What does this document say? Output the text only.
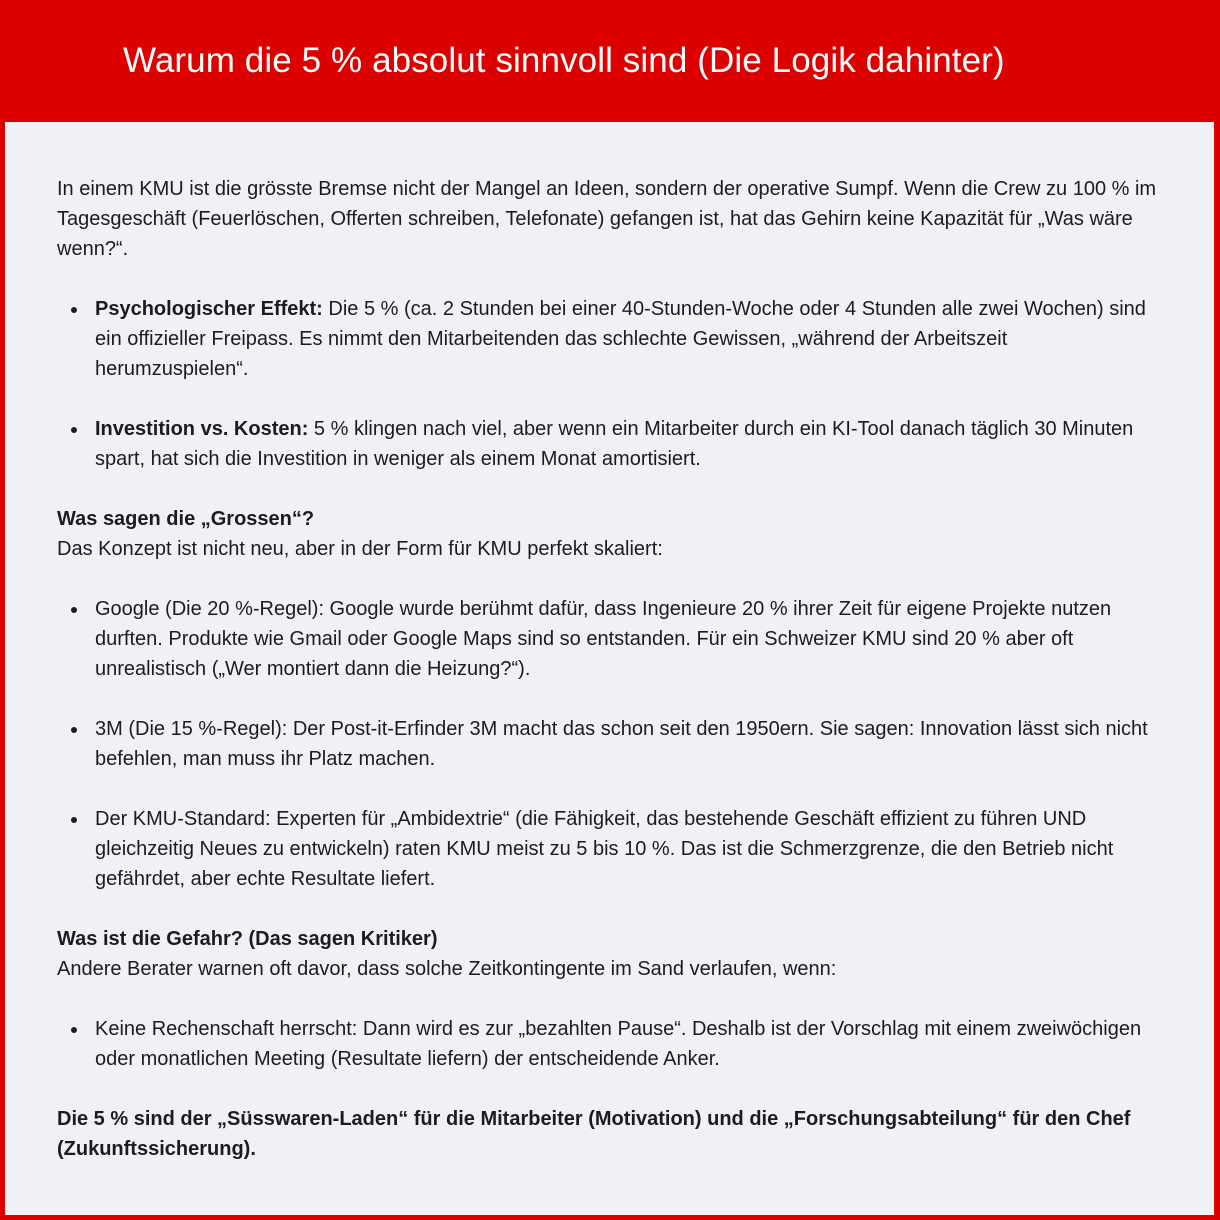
Warum die 5 % absolut sinnvoll sind (Die Logik dahinter)

In einem KMU ist die grösste Bremse nicht der Mangel an Ideen, sondern der operative Sumpf. Wenn die Crew zu 100 % im Tagesgeschäft (Feuerlöschen, Offerten schreiben, Telefonate) gefangen ist, hat das Gehirn keine Kapazität für „Was wäre wenn?“.

Psychologischer Effekt: Die 5 % (ca. 2 Stunden bei einer 40-Stunden-Woche oder 4 Stunden alle zwei Wochen) sind ein offizieller Freipass. Es nimmt den Mitarbeitenden das schlechte Gewissen, „während der Arbeitszeit herumzuspielen“.
Investition vs. Kosten: 5 % klingen nach viel, aber wenn ein Mitarbeiter durch ein KI-Tool danach täglich 30 Minuten spart, hat sich die Investition in weniger als einem Monat amortisiert.
Was sagen die „Grossen“?
Das Konzept ist nicht neu, aber in der Form für KMU perfekt skaliert:
Google (Die 20 %-Regel): Google wurde berühmt dafür, dass Ingenieure 20 % ihrer Zeit für eigene Projekte nutzen durften. Produkte wie Gmail oder Google Maps sind so entstanden. Für ein Schweizer KMU sind 20 % aber oft unrealistisch („Wer montiert dann die Heizung?“).
3M (Die 15 %-Regel): Der Post-it-Erfinder 3M macht das schon seit den 1950ern. Sie sagen: Innovation lässt sich nicht befehlen, man muss ihr Platz machen.
Der KMU-Standard: Experten für „Ambidextrie“ (die Fähigkeit, das bestehende Geschäft effizient zu führen UND gleichzeitig Neues zu entwickeln) raten KMU meist zu 5 bis 10 %. Das ist die Schmerzgrenze, die den Betrieb nicht gefährdet, aber echte Resultate liefert.
Was ist die Gefahr? (Das sagen Kritiker)
Andere Berater warnen oft davor, dass solche Zeitkontingente im Sand verlaufen, wenn:
Keine Rechenschaft herrscht: Dann wird es zur „bezahlten Pause“. Deshalb ist der Vorschlag mit einem zweiwöchigen oder monatlichen Meeting (Resultate liefern) der entscheidende Anker.

Die 5 % sind der „Süsswaren-Laden“ für die Mitarbeiter (Motivation) und die „Forschungsabteilung“ für den Chef (Zukunftssicherung).
